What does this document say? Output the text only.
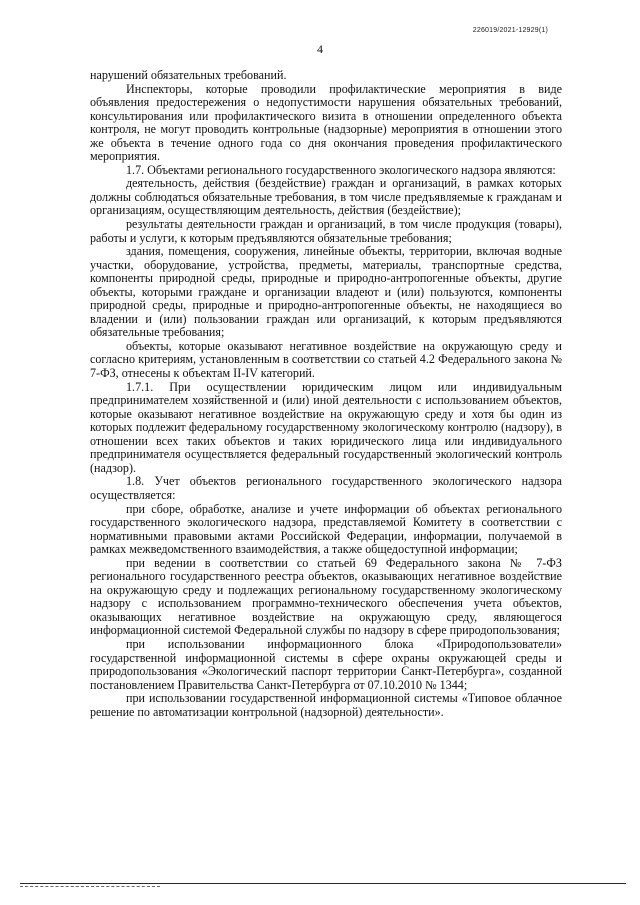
226019/2021-12929(1)
4

нарушений обязательных требований.

Инспекторы, которые проводили профилактические мероприятия в виде объявления предостережения о недопустимости нарушения обязательных требований, консультирования или профилактического визита в отношении определенного объекта контроля, не могут проводить контрольные (надзорные) мероприятия в отношении этого же объекта в течение одного года со дня окончания проведения профилактического мероприятия.

1.7. Объектами регионального государственного экологического надзора являются:

деятельность, действия (бездействие) граждан и организаций, в рамках которых должны соблюдаться обязательные требования, в том числе предъявляемые к гражданам и организациям, осуществляющим деятельность, действия (бездействие);

результаты деятельности граждан и организаций, в том числе продукция (товары), работы и услуги, к которым предъявляются обязательные требования;

здания, помещения, сооружения, линейные объекты, территории, включая водные участки, оборудование, устройства, предметы, материалы, транспортные средства, компоненты природной среды, природные и природно-антропогенные объекты, другие объекты, которыми граждане и организации владеют и (или) пользуются, компоненты природной среды, природные и природно-антропогенные объекты, не находящиеся во владении и (или) пользовании граждан или организаций, к которым предъявляются обязательные требования;

объекты, которые оказывают негативное воздействие на окружающую среду и согласно критериям, установленным в соответствии со статьей 4.2 Федерального закона № 7-ФЗ, отнесены к объектам II-IV категорий.

1.7.1. При осуществлении юридическим лицом или индивидуальным предпринимателем хозяйственной и (или) иной деятельности с использованием объектов, которые оказывают негативное воздействие на окружающую среду и хотя бы один из которых подлежит федеральному государственному экологическому контролю (надзору), в отношении всех таких объектов и таких юридического лица или индивидуального предпринимателя осуществляется федеральный государственный экологический контроль (надзор).

1.8. Учет объектов регионального государственного экологического надзора осуществляется:

при сборе, обработке, анализе и учете информации об объектах регионального государственного экологического надзора, представляемой Комитету в соответствии с нормативными правовыми актами Российской Федерации, информации, получаемой в рамках межведомственного взаимодействия, а также общедоступной информации;

при ведении в соответствии со статьей 69 Федерального закона № 7-ФЗ регионального государственного реестра объектов, оказывающих негативное воздействие на окружающую среду и подлежащих региональному государственному экологическому надзору с использованием программно-технического обеспечения учета объектов, оказывающих негативное воздействие на окружающую среду, являющегося информационной системой Федеральной службы по надзору в сфере природопользования;

при использовании информационного блока «Природопользователи» государственной информационной системы в сфере охраны окружающей среды и природопользования «Экологический паспорт территории Санкт-Петербурга», созданной постановлением Правительства Санкт-Петербурга от 07.10.2010 № 1344;

при использовании государственной информационной системы «Типовое облачное решение по автоматизации контрольной (надзорной) деятельности».
